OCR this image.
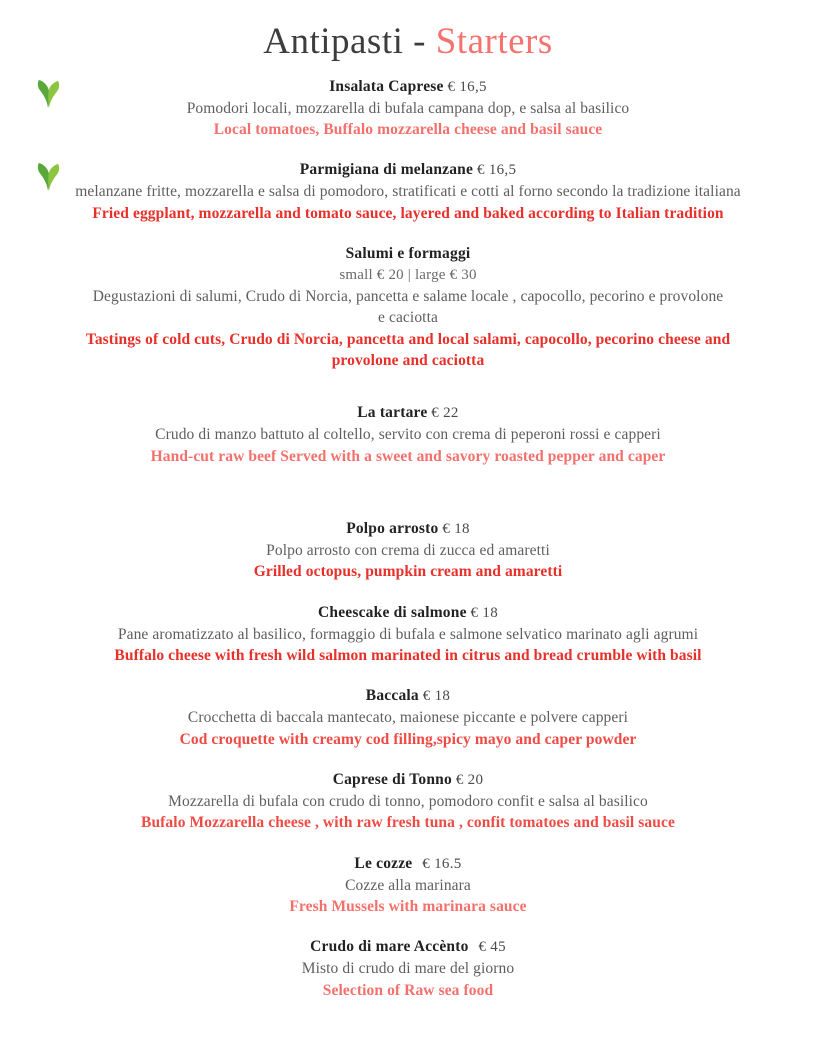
Antipasti - Starters
Insalata Caprese € 16,5
Pomodori locali, mozzarella di bufala campana dop, e salsa al basilico
Local tomatoes, Buffalo mozzarella cheese and basil sauce
Parmigiana di melanzane € 16,5
melanzane fritte, mozzarella e salsa di pomodoro, stratificati e cotti al forno secondo la tradizione italiana
Fried eggplant, mozzarella and tomato sauce, layered and baked according to Italian tradition
Salumi e formaggi
small € 20 | large € 30
Degustazioni di salumi, Crudo di Norcia, pancetta e salame locale , capocollo, pecorino e provolone e caciotta
Tastings of cold cuts, Crudo di Norcia, pancetta and local salami, capocollo, pecorino cheese and provolone and caciotta
La tartare € 22
Crudo di manzo battuto al coltello, servito con crema di peperoni rossi e capperi
Hand-cut raw beef Served with a sweet and savory roasted pepper and caper
Polpo arrosto € 18
Polpo arrosto con crema di zucca ed amaretti
Grilled octopus, pumpkin cream and amaretti
Cheescake di salmone € 18
Pane aromatizzato al basilico, formaggio di bufala e salmone selvatico marinato agli agrumi
Buffalo cheese with fresh wild salmon marinated in citrus and bread crumble with basil
Baccala € 18
Crocchetta di baccala mantecato, maionese piccante e polvere capperi
Cod croquette with creamy cod filling,spicy mayo and caper powder
Caprese di Tonno € 20
Mozzarella di bufala con crudo di tonno, pomodoro confit e salsa al basilico
Bufalo Mozzarella cheese , with raw fresh tuna , confit tomatoes and basil sauce
Le cozze € 16.5
Cozze alla marinara
Fresh Mussels with marinara sauce
Crudo di mare Accènto € 45
Misto di crudo di mare del giorno
Selection of Raw sea food
